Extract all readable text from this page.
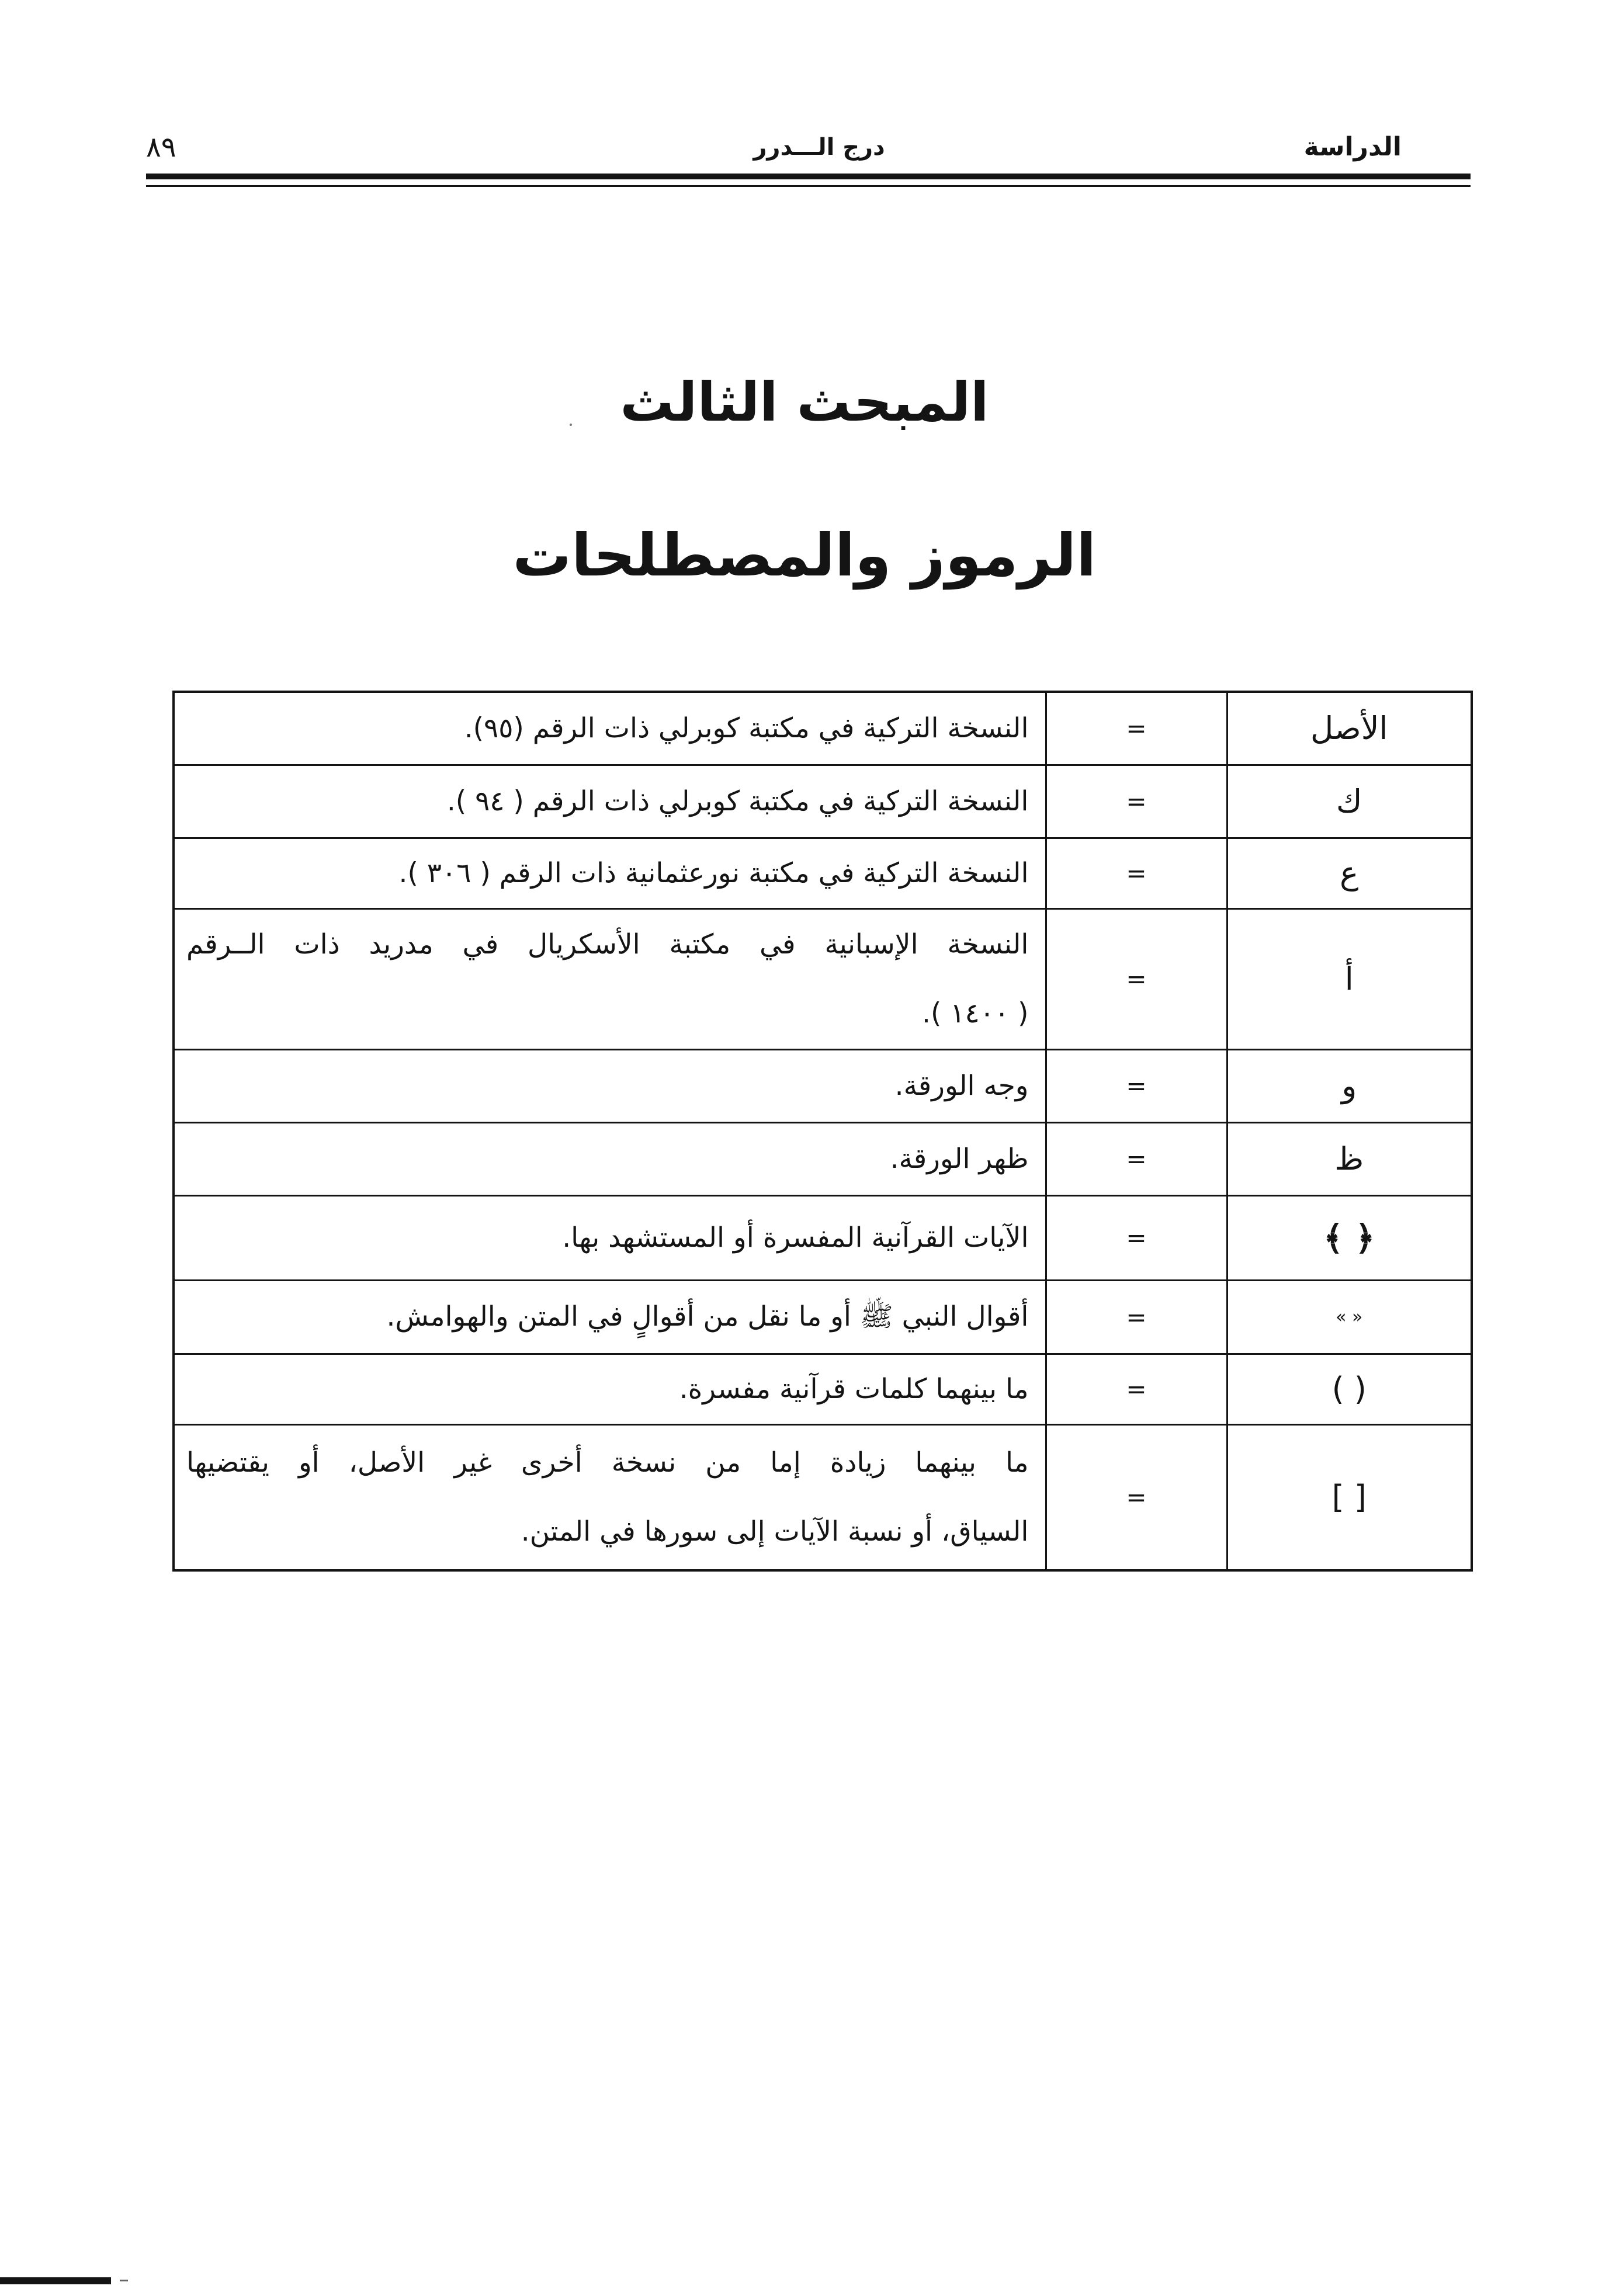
الدراسة
درج الـــدرر
٨٩
المبحث الثالث
الرموز والمصطلحات
الأصل	=	النسخة التركية في مكتبة كوبرلي ذات الرقم (٩٥).

ك	=	النسخة التركية في مكتبة كوبرلي ذات الرقم ( ٩٤ ).

ع	=	النسخة التركية في مكتبة نورعثمانية ذات الرقم ( ٣٠٦ ).

أ	=	النسخة الإسبانية في مكتبة الأسكريال في مدريد ذات الــرقم
( ١٤٠٠ ).

و	=	وجه الورقة.

ظ	=	ظهر الورقة.

﴿ ﴾	=	الآيات القرآنية المفسرة أو المستشهد بها.

« »	=	أقوال النبي ﷺ أو ما نقل من أقوالٍ في المتن والهوامش.

( )	=	ما بينهما كلمات قرآنية مفسرة.

[ ]	=	ما بينهما زيادة إما من نسخة أخرى غير الأصل، أو يقتضيها
السياق، أو نسبة الآيات إلى سورها في المتن.
